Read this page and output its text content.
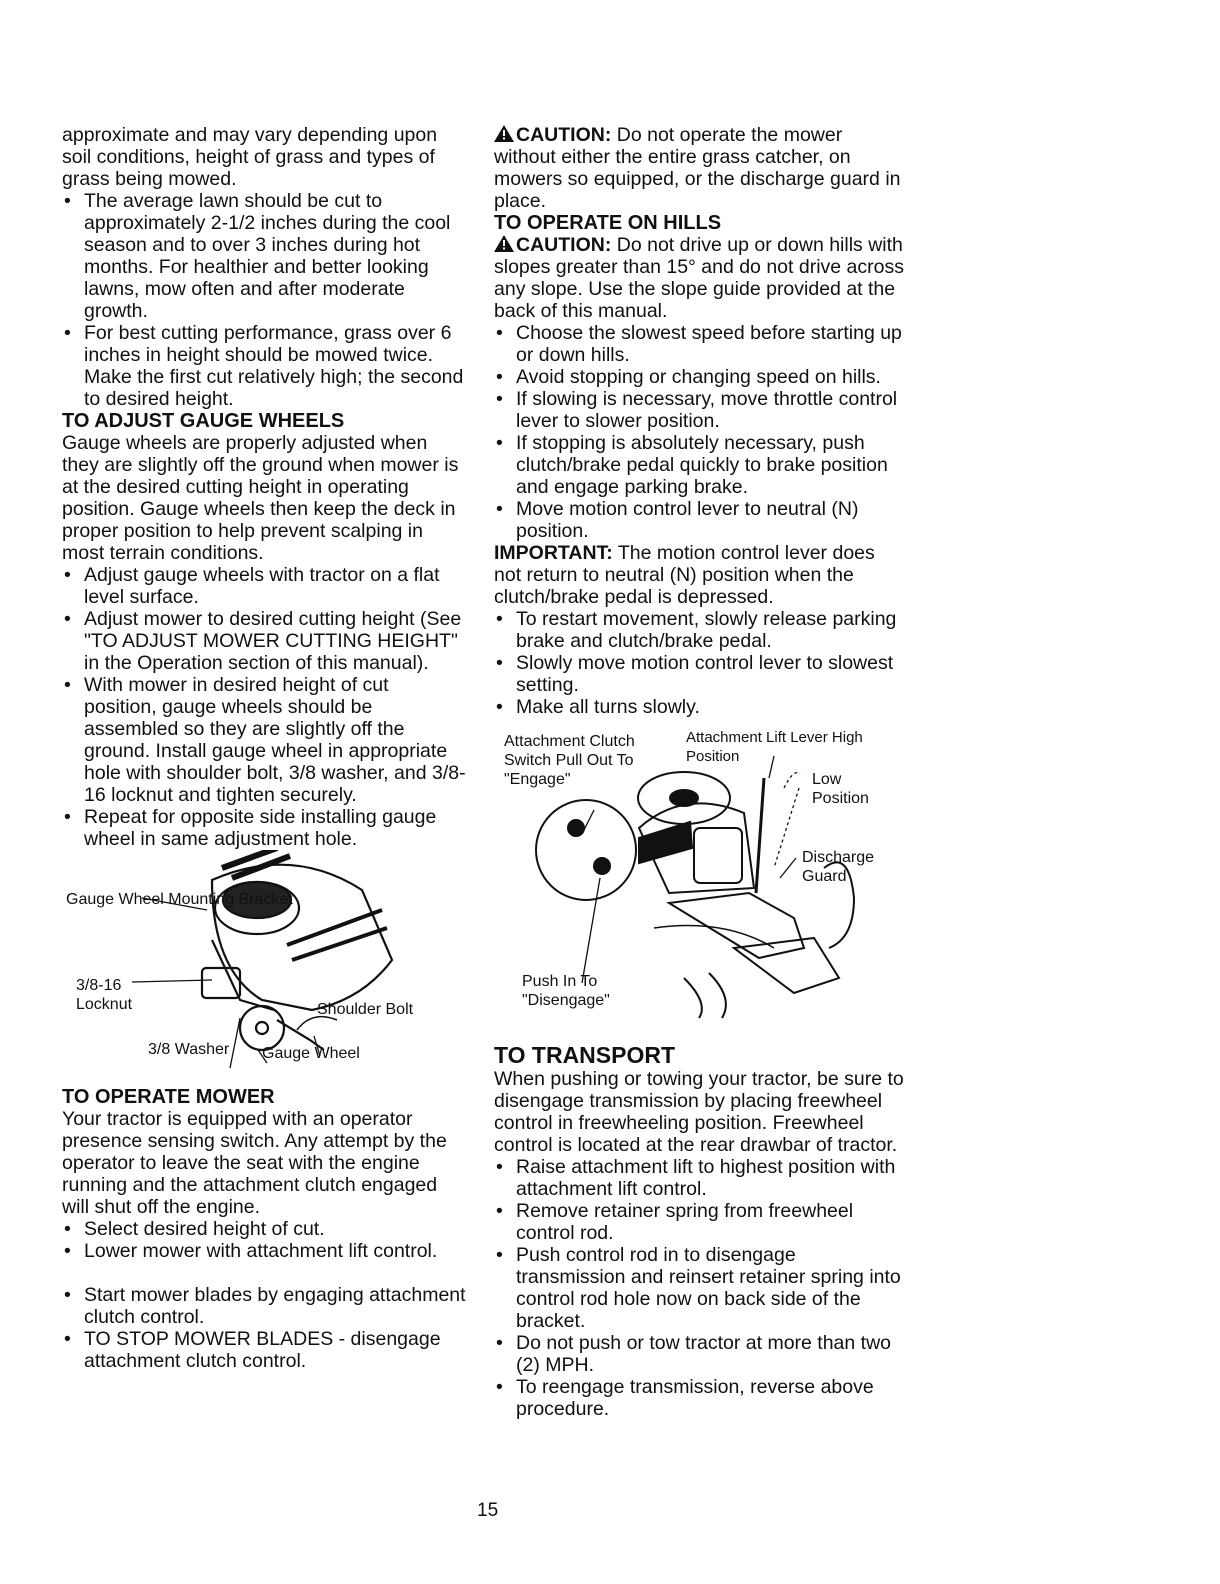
approximate and may vary depending upon soil conditions, height of grass and types of grass being mowed.

• The average lawn should be cut to approximately 2-1/2 inches during the cool season and to over 3 inches during hot months. For healthier and better looking lawns, mow often and after moderate growth.
• For best cutting performance, grass over 6 inches in height should be mowed twice. Make the first cut relatively high; the second to desired height.

TO ADJUST GAUGE WHEELS

Gauge wheels are properly adjusted when they are slightly off the ground when mower is at the desired cutting height in operating position. Gauge wheels then keep the deck in proper position to help prevent scalping in most terrain conditions.

• Adjust gauge wheels with tractor on a flat level surface.
• Adjust mower to desired cutting height (See "TO ADJUST MOWER CUTTING HEIGHT" in the Operation section of this manual).
• With mower in desired height of cut position, gauge wheels should be assembled so they are slightly off the ground. Install gauge wheel in appropriate hole with shoulder bolt, 3/8 washer, and 3/8-16 locknut and tighten securely.
• Repeat for opposite side installing gauge wheel in same adjustment hole.
Gauge Wheel Mounting Bracket
3/8-16 Locknut	Shoulder Bolt
3/8 Washer Gauge Wheel

TO OPERATE MOWER

Your tractor is equipped with an operator presence sensing switch. Any attempt by the operator to leave the seat with the engine running and the attachment clutch engaged will shut off the engine.

• Select desired height of cut.
• Lower mower with attachment lift control.
• Start mower blades by engaging attachment clutch control.
• TO STOP MOWER BLADES - disengage attachment clutch control.

CAUTION: Do not operate the mower without either the entire grass catcher, on mowers so equipped, or the discharge guard in place.

TO OPERATE ON HILLS

CAUTION: Do not drive up or down hills with slopes greater than 15° and do not drive across any slope. Use the slope guide provided at the back of this manual.

• Choose the slowest speed before starting up or down hills.
• Avoid stopping or changing speed on hills.
• If slowing is necessary, move throttle control lever to slower position.
• If stopping is absolutely necessary, push clutch/brake pedal quickly to brake position and engage parking brake.
• Move motion control lever to neutral (N) position.

IMPORTANT: The motion control lever does not return to neutral (N) position when the clutch/brake pedal is depressed.

• To restart movement, slowly release parking brake and clutch/brake pedal.
• Slowly move motion control lever to slowest setting.
• Make all turns slowly.
Attachment Clutch Switch Pull Out To "Engage"
Attachment Lift Lever High Position
Low Position
Discharge Guard
Push In To "Disengage"

TO TRANSPORT

When pushing or towing your tractor, be sure to disengage transmission by placing freewheel control in freewheeling position. Freewheel control is located at the rear drawbar of tractor.

• Raise attachment lift to highest position with attachment lift control.
• Remove retainer spring from freewheel control rod.
• Push control rod in to disengage transmission and reinsert retainer spring into control rod hole now on back side of the bracket.
• Do not push or tow tractor at more than two (2) MPH.
• To reengage transmission, reverse above procedure.
15
